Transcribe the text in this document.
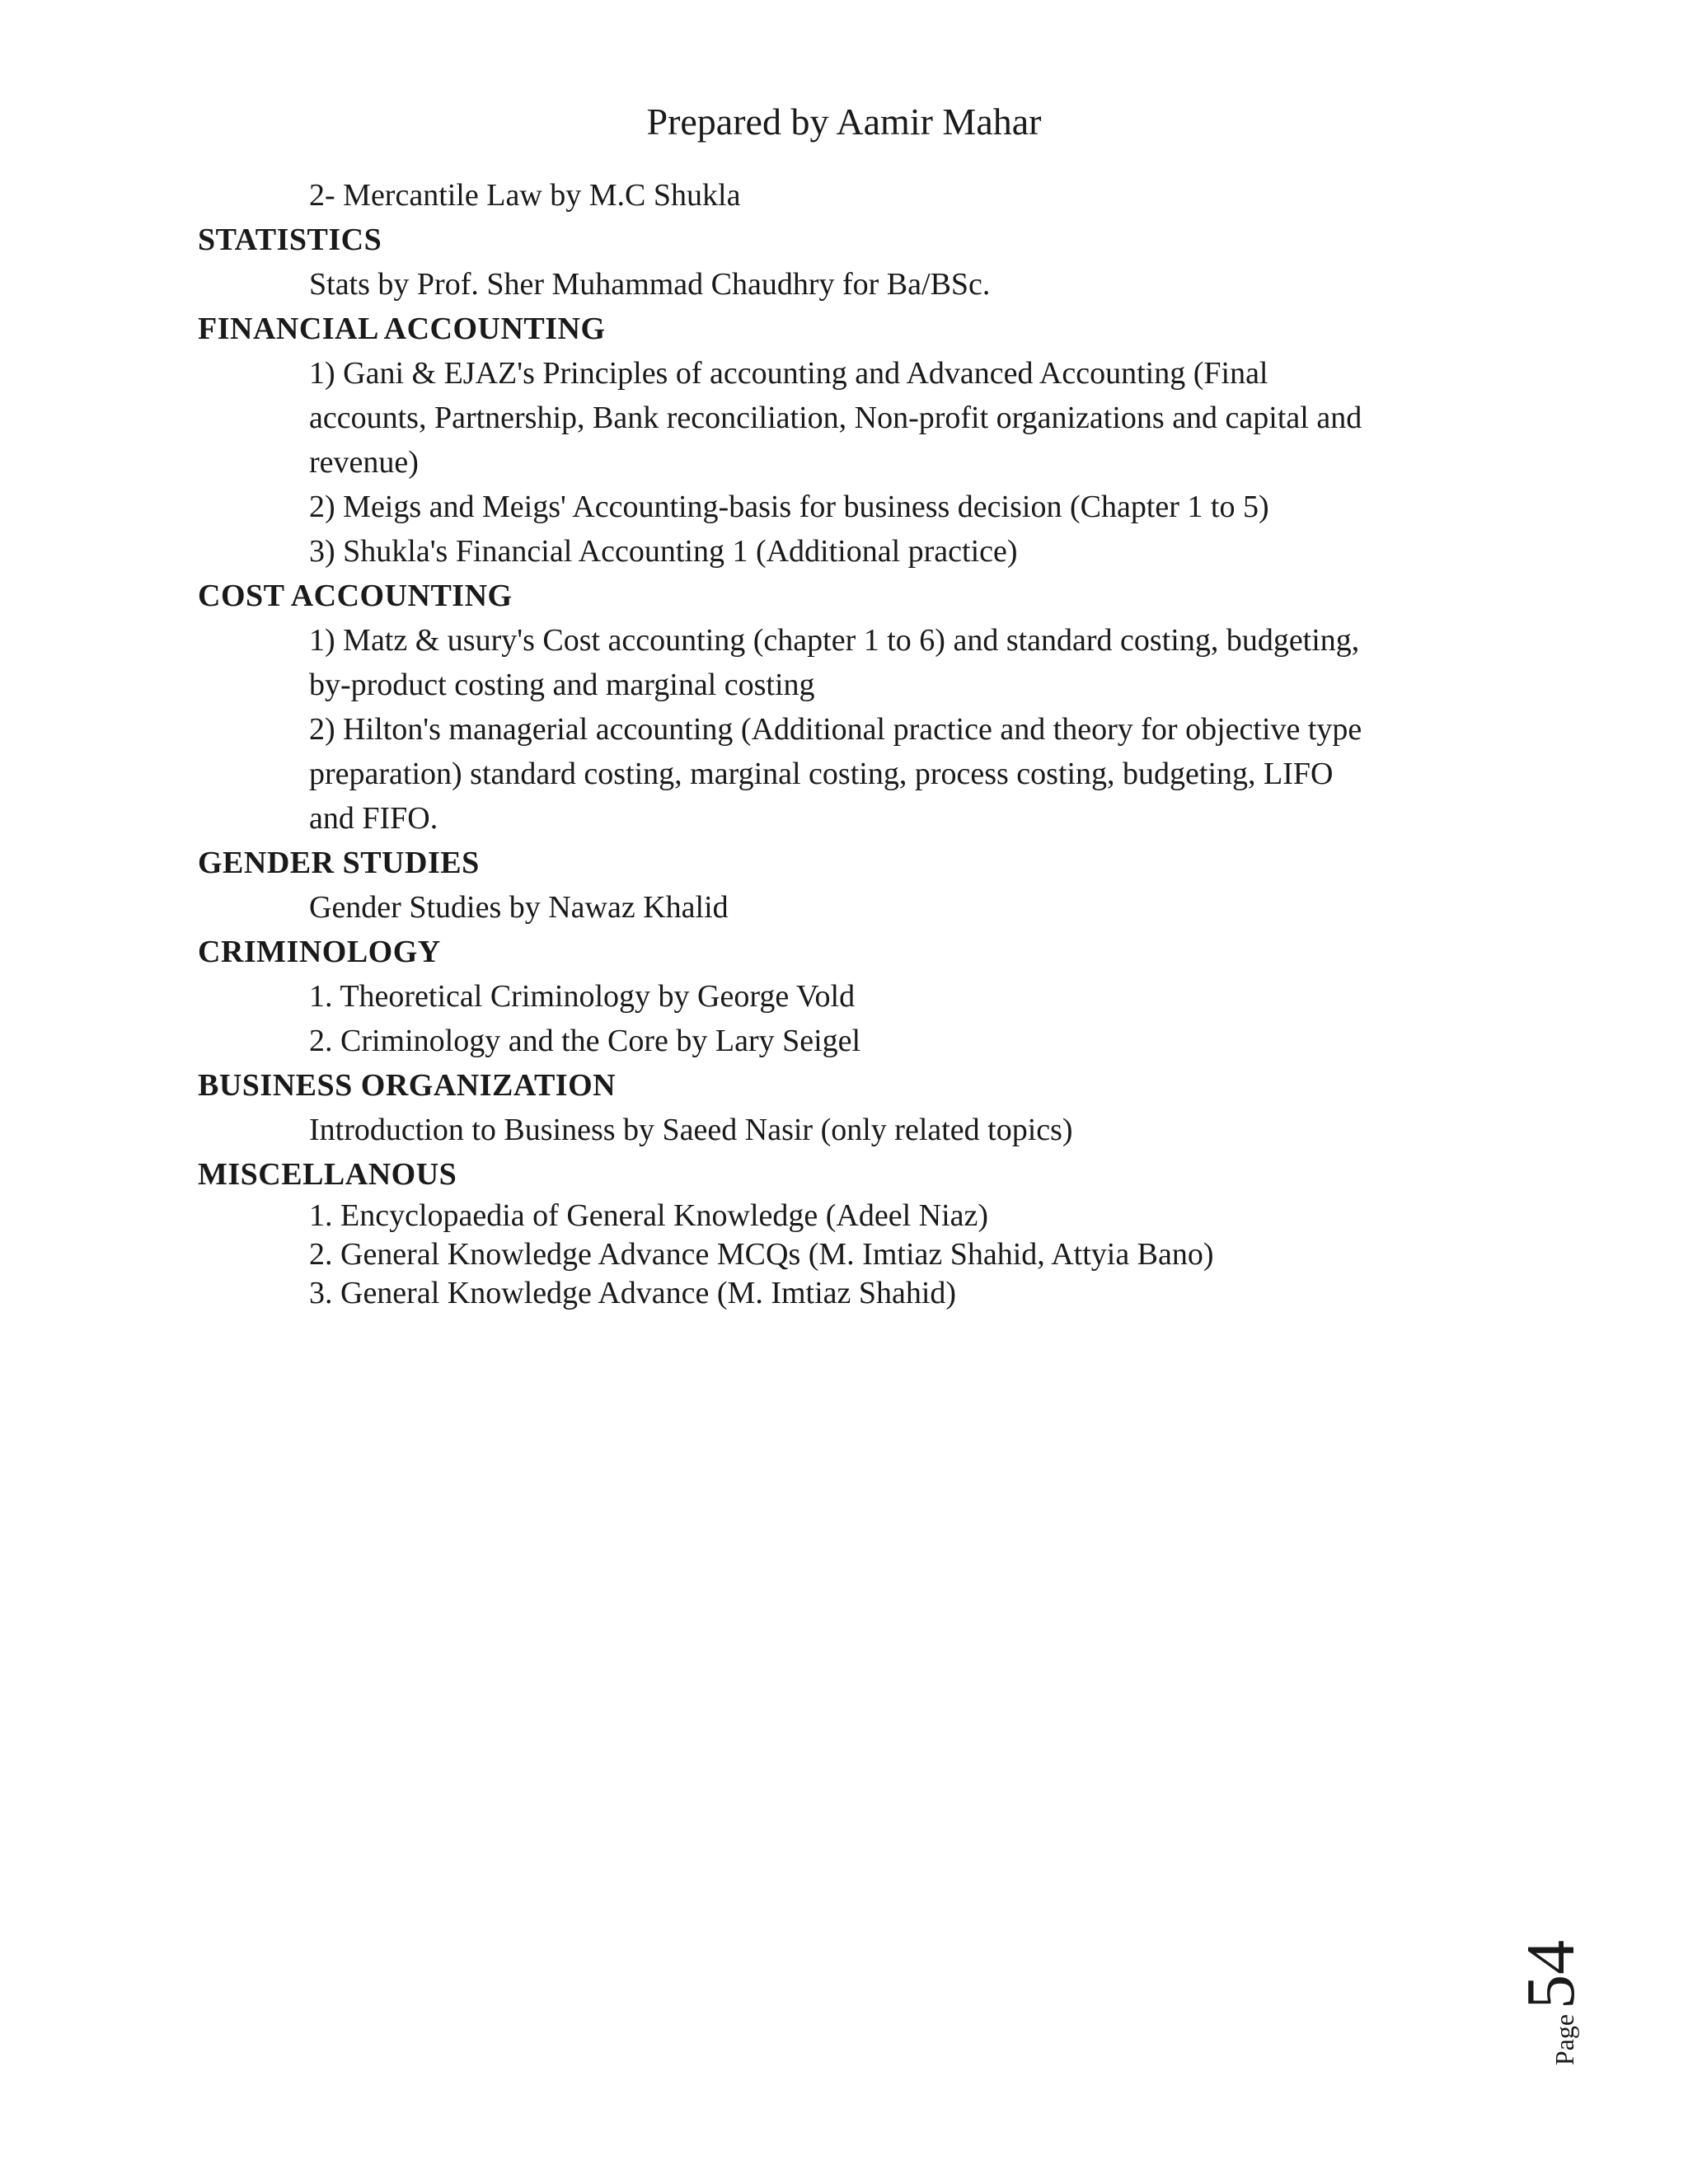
Prepared by Aamir Mahar
2- Mercantile Law by M.C Shukla
STATISTICS
Stats by Prof. Sher Muhammad Chaudhry for Ba/BSc.
FINANCIAL ACCOUNTING
1) Gani & EJAZ's Principles of accounting and Advanced Accounting (Final
accounts, Partnership, Bank reconciliation, Non-profit organizations and capital and
revenue)
2) Meigs and Meigs' Accounting-basis for business decision (Chapter 1 to 5)
3) Shukla's Financial Accounting 1 (Additional practice)
COST ACCOUNTING
1) Matz & usury's Cost accounting (chapter 1 to 6) and standard costing, budgeting,
by-product costing and marginal costing
2) Hilton's managerial accounting (Additional practice and theory for objective type
preparation) standard costing, marginal costing, process costing, budgeting, LIFO
and FIFO.
GENDER STUDIES
Gender Studies by Nawaz Khalid
CRIMINOLOGY
1. Theoretical Criminology by George Vold
2. Criminology and the Core by Lary Seigel
BUSINESS ORGANIZATION
Introduction to Business by Saeed Nasir (only related topics)
MISCELLANOUS
1. Encyclopaedia of General Knowledge (Adeel Niaz)
2. General Knowledge Advance MCQs (M. Imtiaz Shahid, Attyia Bano)
3. General Knowledge Advance (M. Imtiaz Shahid)
Page
54
